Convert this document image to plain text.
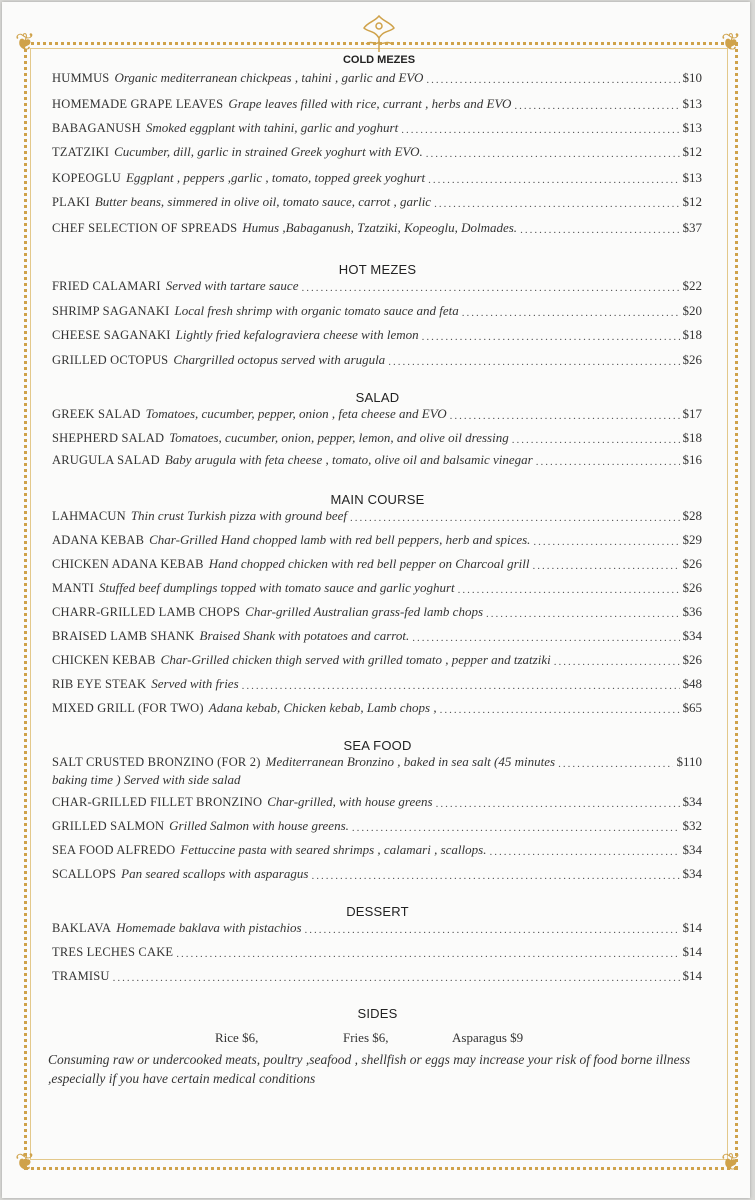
❦	❦
❦	❦
COLD MEZES
HUMMUS Organic mediterranean chickpeas , tahini , garlic and EVO .....	$10
HOMEMADE GRAPE LEAVES Grape leaves filled with rice, currant , herbs and EVO .....	$13
BABAGANUSH Smoked eggplant with tahini, garlic and yoghurt .....	$13
TZATZIKI Cucumber, dill, garlic in strained Greek yoghurt with EVO. .....	$12
KOPEOGLU Eggplant , peppers ,garlic , tomato, topped greek yoghurt .....	$13
PLAKI Butter beans, simmered in olive oil, tomato sauce, carrot , garlic .....	$12
CHEF SELECTION OF SPREADS Humus ,Babaganush, Tzatziki, Kopeoglu, Dolmades. .....	$37
HOT MEZES
FRIED CALAMARI Served with tartare sauce .....	$22
SHRIMP SAGANAKI Local fresh shrimp with organic tomato sauce and feta .....	$20
CHEESE SAGANAKI Lightly fried kefalograviera cheese with lemon .....	$18
GRILLED OCTOPUS Chargrilled octopus served with arugula .....	$26
SALAD
GREEK SALAD Tomatoes, cucumber, pepper, onion , feta cheese and EVO .....	$17
SHEPHERD SALAD Tomatoes, cucumber, onion, pepper, lemon, and olive oil dressing .....	$18
ARUGULA SALAD Baby arugula with feta cheese , tomato, olive oil and balsamic vinegar .....	$16
MAIN COURSE
LAHMACUN Thin crust Turkish pizza with ground beef .....	$28
ADANA KEBAB Char-Grilled Hand chopped lamb with red bell peppers, herb and spices. .....	$29
CHICKEN ADANA KEBAB Hand chopped chicken with red bell pepper on Charcoal grill .....	$26
MANTI Stuffed beef dumplings topped with tomato sauce and garlic yoghurt .....	$26
CHARR-GRILLED LAMB CHOPS Char-grilled Australian grass-fed lamb chops .....	$36
BRAISED LAMB SHANK Braised Shank with potatoes and carrot. .....	$34
CHICKEN KEBAB Char-Grilled chicken thigh served with grilled tomato , pepper and tzatziki .....	$26
RIB EYE STEAK Served with fries .....	$48
MIXED GRILL (FOR TWO) Adana kebab, Chicken kebab, Lamb chops , .....	$65
SEA FOOD
SALT CRUSTED BRONZINO (FOR 2) Mediterranean Bronzino , baked in sea salt (45 minutes .....	$110
baking time ) Served with side salad
CHAR-GRILLED FILLET BRONZINO Char-grilled, with house greens .....	$34
GRILLED SALMON Grilled Salmon with house greens. .....	$32
SEA FOOD ALFREDO Fettuccine pasta with seared shrimps , calamari , scallops. .....	$34
SCALLOPS Pan seared scallops with asparagus .....	$34
DESSERT
BAKLAVA Homemade baklava with pistachios .....	$14
TRES LECHES CAKE .....	$14
TRAMISU .....	$14
SIDES
Rice $6,	Fries $6,	Asparagus $9
Consuming raw or undercooked meats, poultry ,seafood , shellfish or eggs may increase your risk of food borne illness ,especially if you have certain medical conditions
